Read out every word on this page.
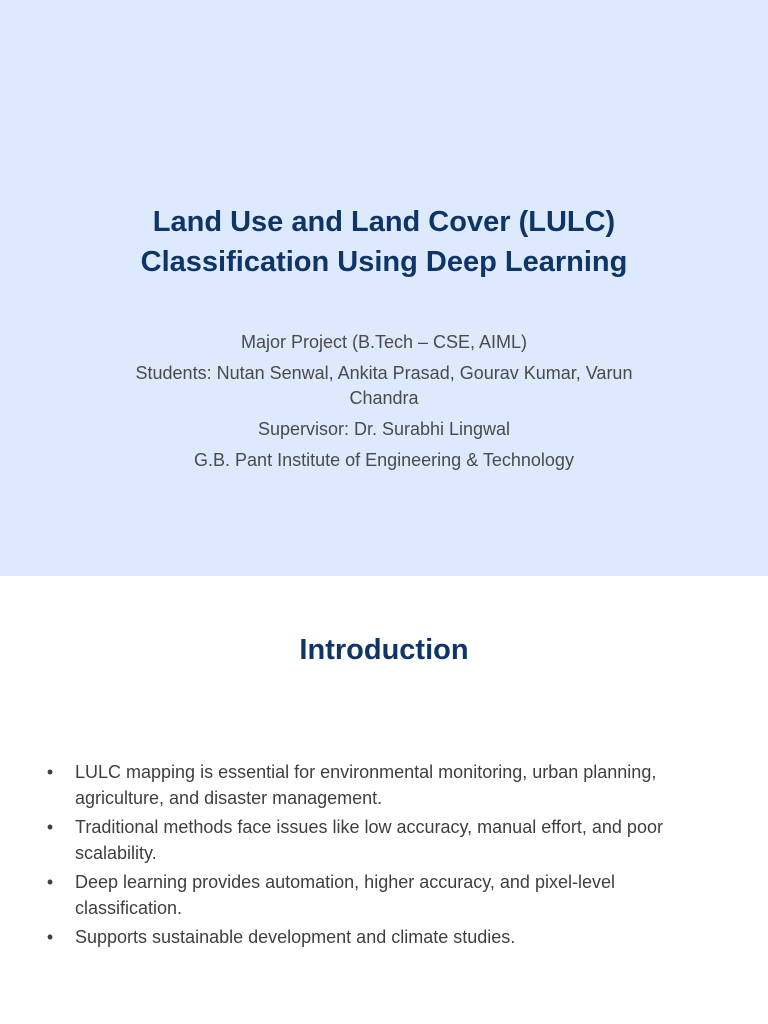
Land Use and Land Cover (LULC)
Classification Using Deep Learning
Major Project (B.Tech – CSE, AIML)
Students: Nutan Senwal, Ankita Prasad, Gourav Kumar, Varun Chandra
Supervisor: Dr. Surabhi Lingwal
G.B. Pant Institute of Engineering & Technology
Introduction
• LULC mapping is essential for environmental monitoring, urban planning, agriculture, and disaster management.
• Traditional methods face issues like low accuracy, manual effort, and poor scalability.
• Deep learning provides automation, higher accuracy, and pixel-level classification.
• Supports sustainable development and climate studies.
